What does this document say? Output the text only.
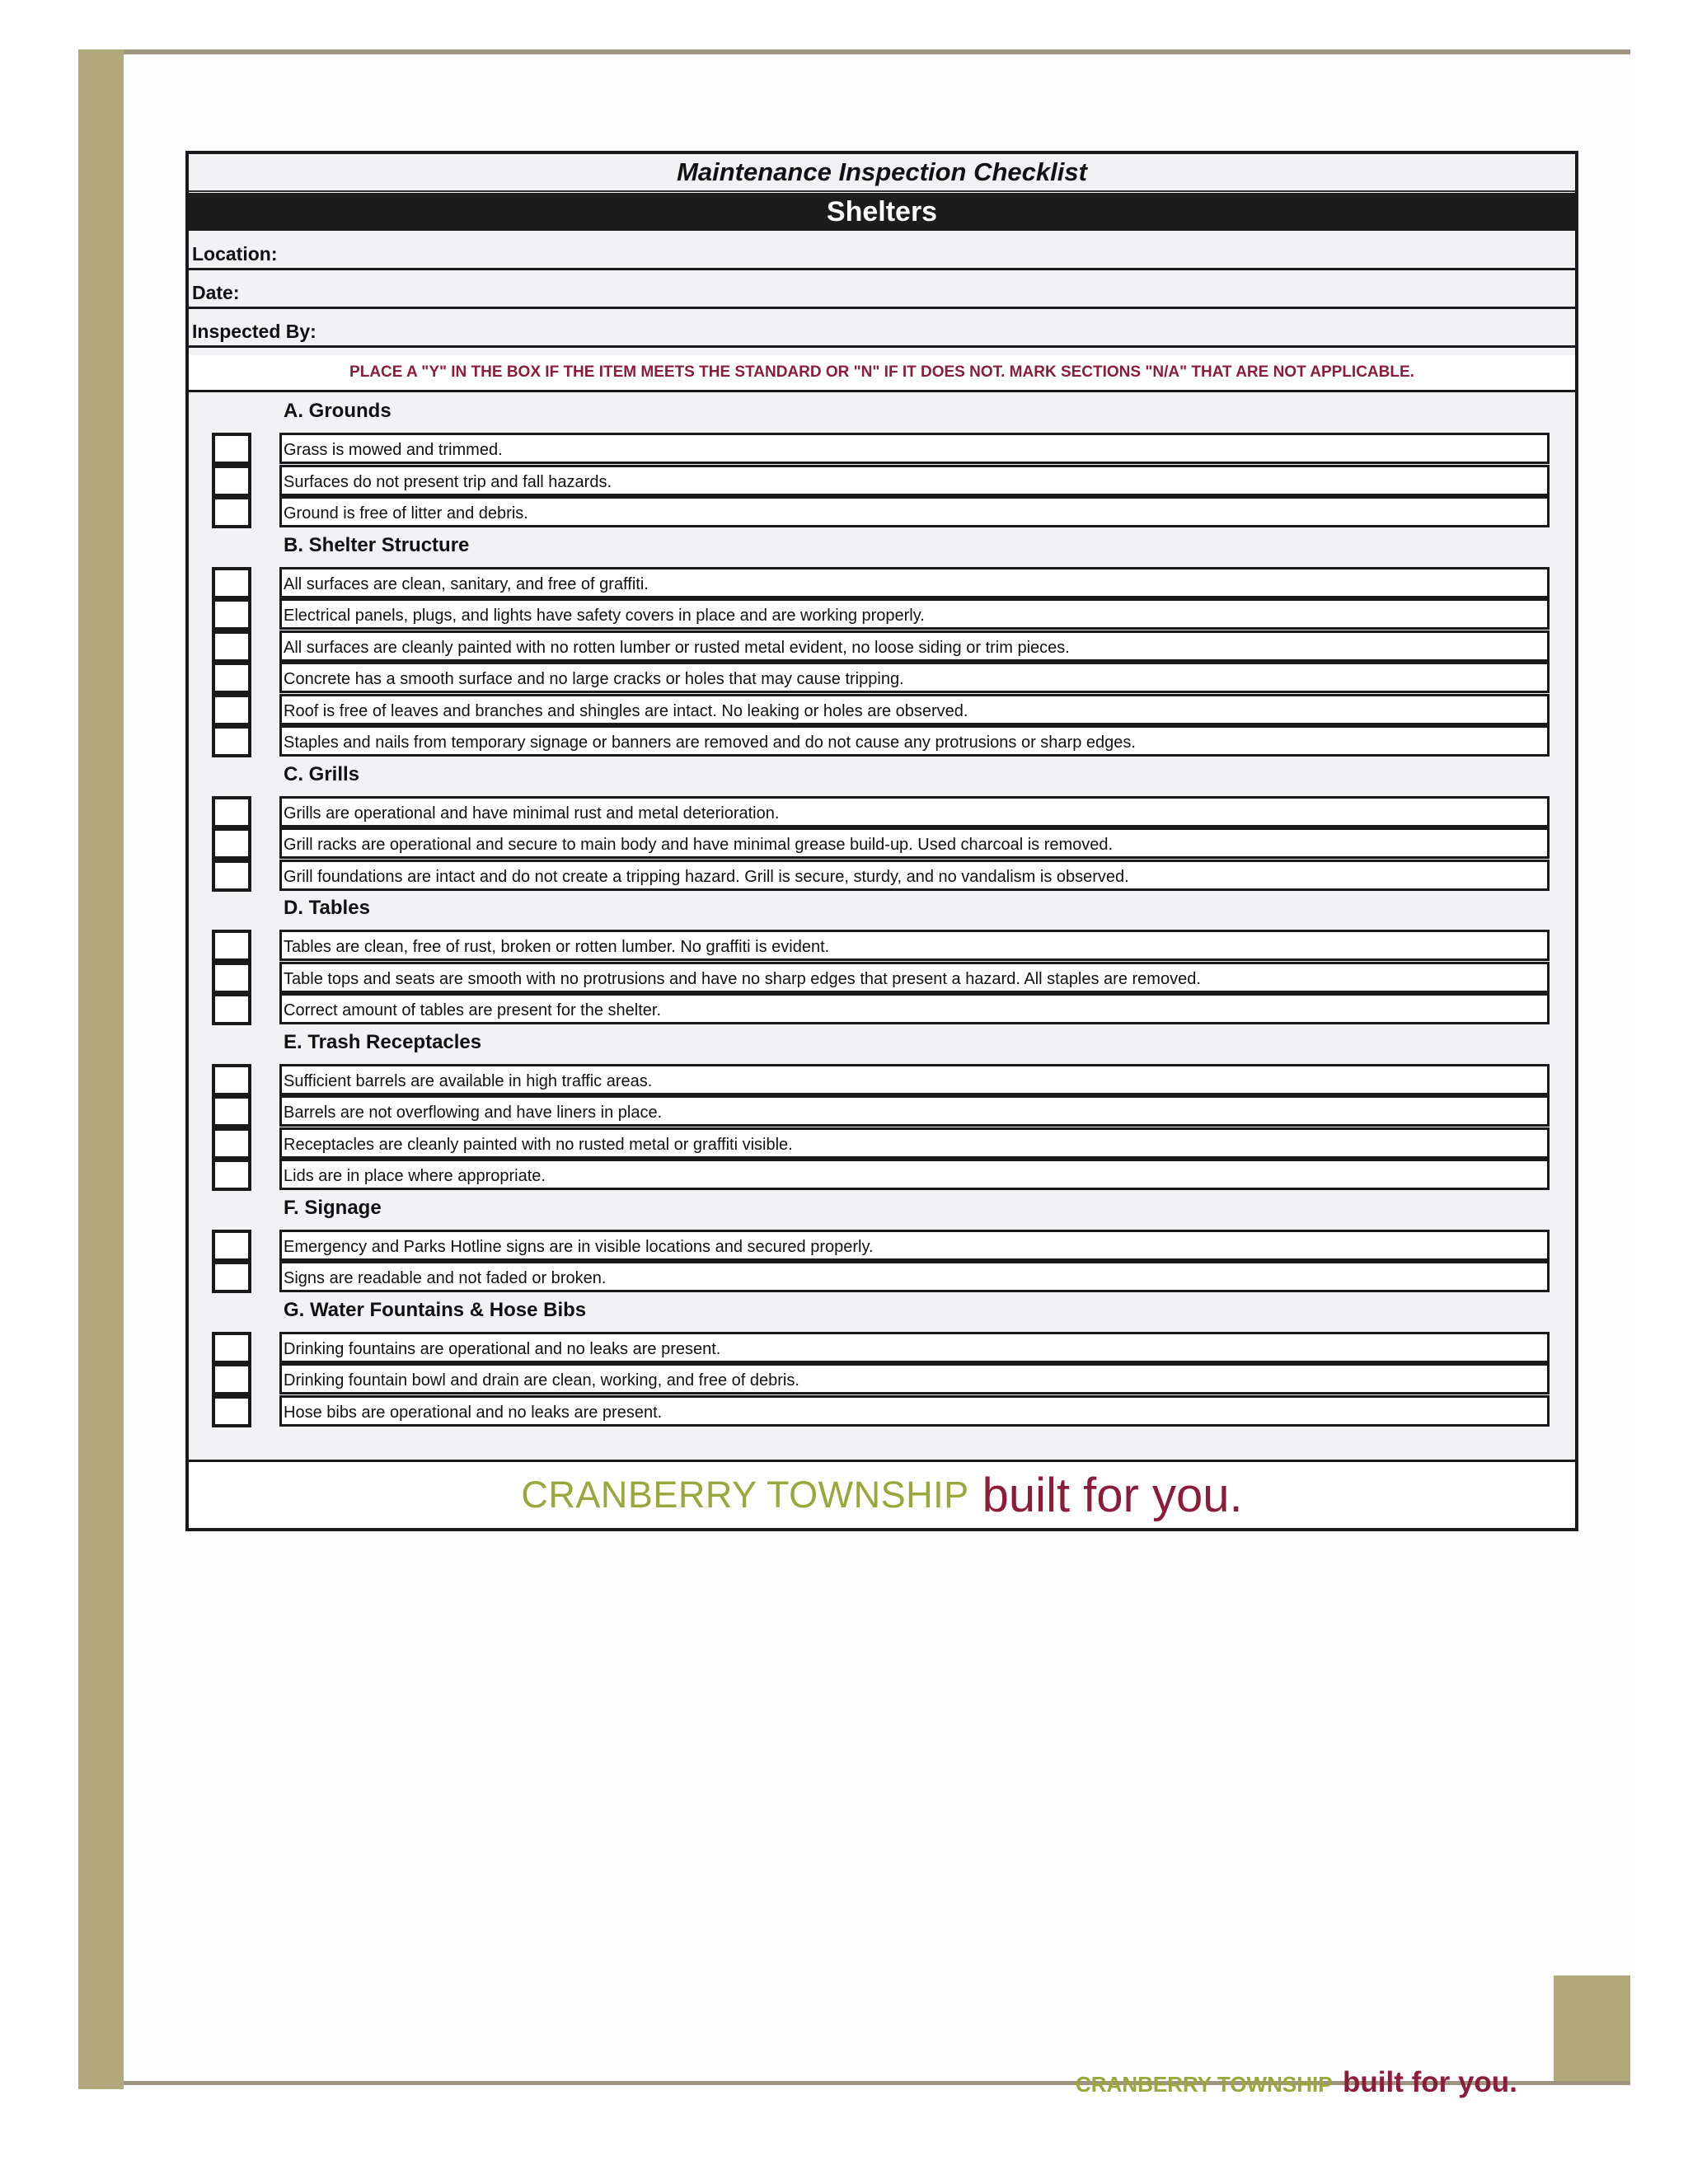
Maintenance Inspection Checklist
Shelters
Location:
Date:
Inspected By:
PLACE A "Y" IN THE BOX IF THE ITEM MEETS THE STANDARD OR "N" IF IT DOES NOT. MARK SECTIONS "N/A" THAT ARE NOT APPLICABLE.
A. Grounds
Grass is mowed and trimmed.
Surfaces do not present trip and fall hazards.
Ground is free of litter and debris.
B. Shelter Structure
All surfaces are clean, sanitary, and free of graffiti.
Electrical panels, plugs, and lights have safety covers in place and are working properly.
All surfaces are cleanly painted with no rotten lumber or rusted metal evident, no loose siding or trim pieces.
Concrete has a smooth surface and no large cracks or holes that may cause tripping.
Roof is free of leaves and branches and shingles are intact. No leaking or holes are observed.
Staples and nails from temporary signage or banners are removed and do not cause any protrusions or sharp edges.
C. Grills
Grills are operational and have minimal rust and metal deterioration.
Grill racks are operational and secure to main body and have minimal grease build-up. Used charcoal is removed.
Grill foundations are intact and do not create a tripping hazard. Grill is secure, sturdy, and no vandalism is observed.
D. Tables
Tables are clean, free of rust, broken or rotten lumber. No graffiti is evident.
Table tops and seats are smooth with no protrusions and have no sharp edges that present a hazard. All staples are removed.
Correct amount of tables are present for the shelter.
E. Trash Receptacles
Sufficient barrels are available in high traffic areas.
Barrels are not overflowing and have liners in place.
Receptacles are cleanly painted with no rusted metal or graffiti visible.
Lids are in place where appropriate.
F. Signage
Emergency and Parks Hotline signs are in visible locations and secured properly.
Signs are readable and not faded or broken.
G. Water Fountains & Hose Bibs
Drinking fountains are operational and no leaks are present.
Drinking fountain bowl and drain are clean, working, and free of debris.
Hose bibs are operational and no leaks are present.
CRANBERRY TOWNSHIP built for you.
CRANBERRY TOWNSHIP built for you.
